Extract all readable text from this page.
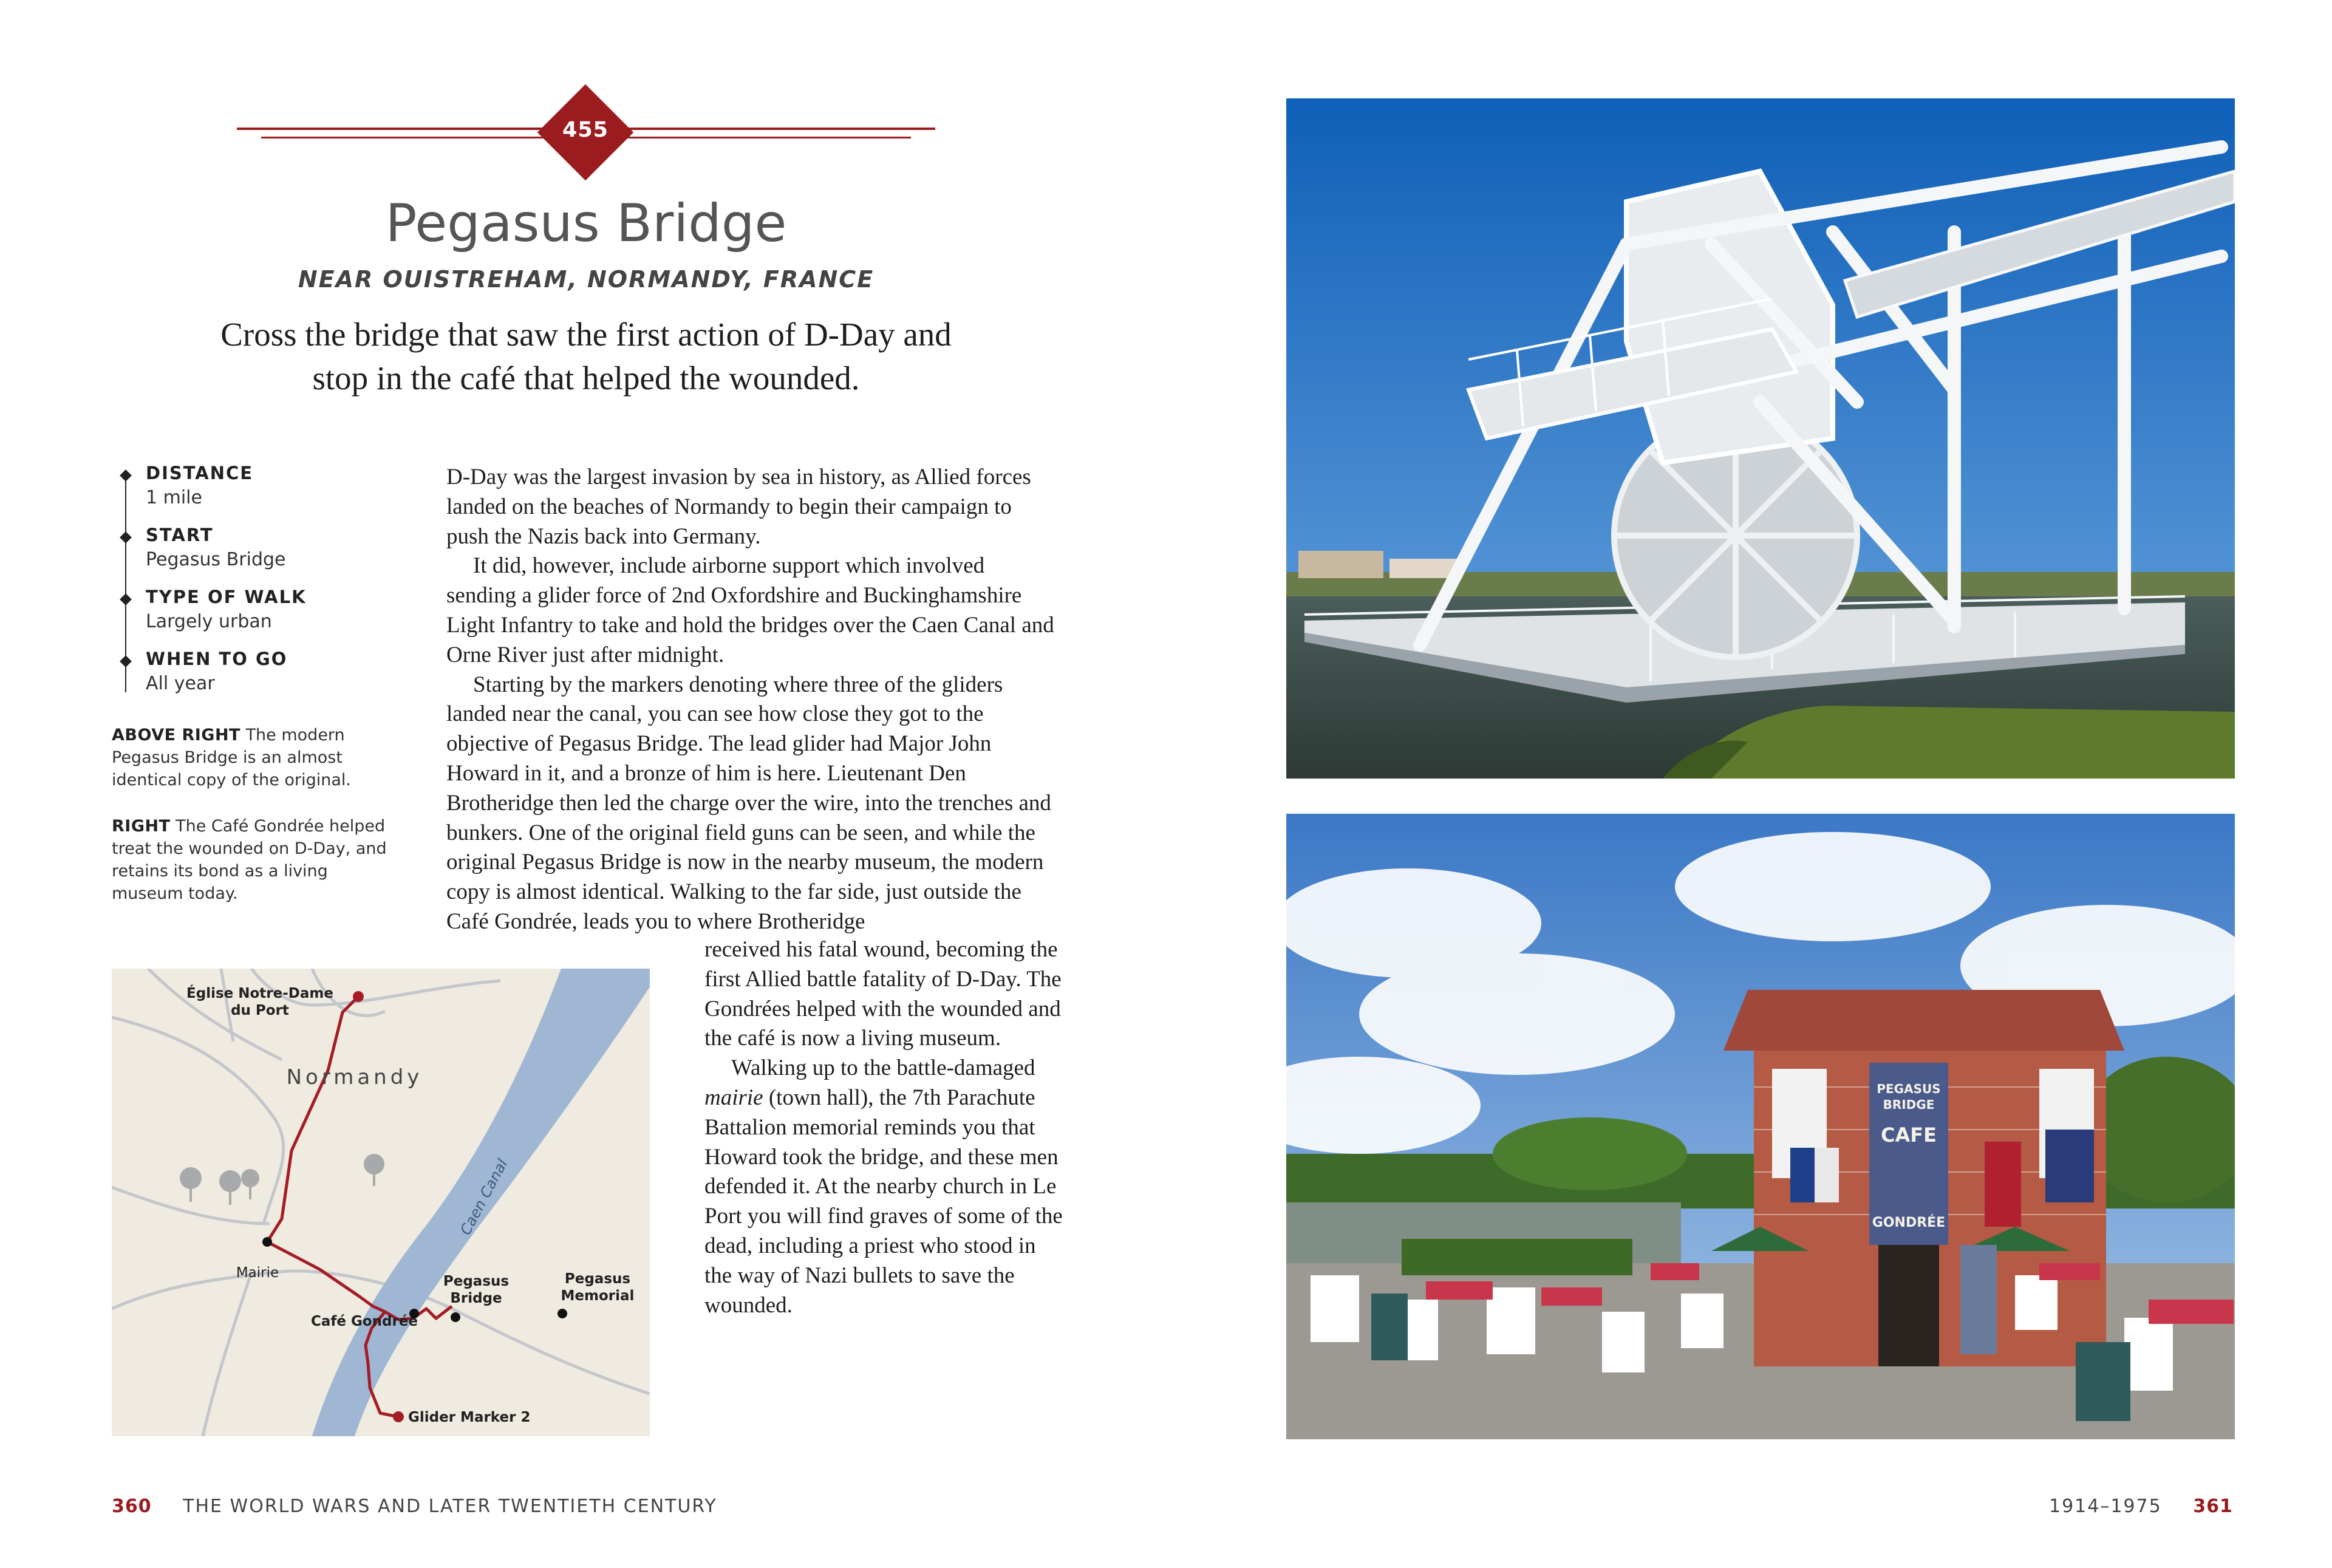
455
Pegasus Bridge
NEAR OUISTREHAM, NORMANDY, FRANCE
Cross the bridge that saw the first action of D-Day and stop in the café that helped the wounded.
DISTANCE
1 mile
START
Pegasus Bridge
TYPE OF WALK
Largely urban
WHEN TO GO
All year
ABOVE RIGHT The modern Pegasus Bridge is an almost identical copy of the original.
RIGHT The Café Gondrée helped treat the wounded on D-Day, and retains its bond as a living museum today.

D-Day was the largest invasion by sea in history, as Allied forces landed on the beaches of Normandy to begin their campaign to push the Nazis back into Germany.

It did, however, include airborne support which involved sending a glider force of 2nd Oxfordshire and Buckinghamshire Light Infantry to take and hold the bridges over the Caen Canal and Orne River just after midnight.

Starting by the markers denoting where three of the gliders landed near the canal, you can see how close they got to the objective of Pegasus Bridge. The lead glider had Major John Howard in it, and a bronze of him is here. Lieutenant Den Brotheridge then led the charge over the wire, into the trenches and bunkers. One of the original field guns can be seen, and while the original Pegasus Bridge is now in the nearby museum, the modern copy is almost identical. Walking to the far side, just outside the Café Gondrée, leads you to where Brotheridge

received his fatal wound, becoming the first Allied battle fatality of D-Day. The Gondrées helped with the wounded and the café is now a living museum.

Walking up to the battle-damaged mairie (town hall), the 7th Parachute Battalion memorial reminds you that Howard took the bridge, and these men defended it. At the nearby church in Le Port you will find graves of some of the dead, including a priest who stood in the way of Nazi bullets to save the wounded.

Église Notre-Dame
du Port
Normandy
Caen Canal
Mairie
Café Gondrée
Pegasus
Bridge
Pegasus
Memorial
Glider Marker 2
PEGASUS
BRIDGE
CAFE
GONDRÉE
360 THE WORLD WARS AND LATER TWENTIETH CENTURY	1914–1975 361
